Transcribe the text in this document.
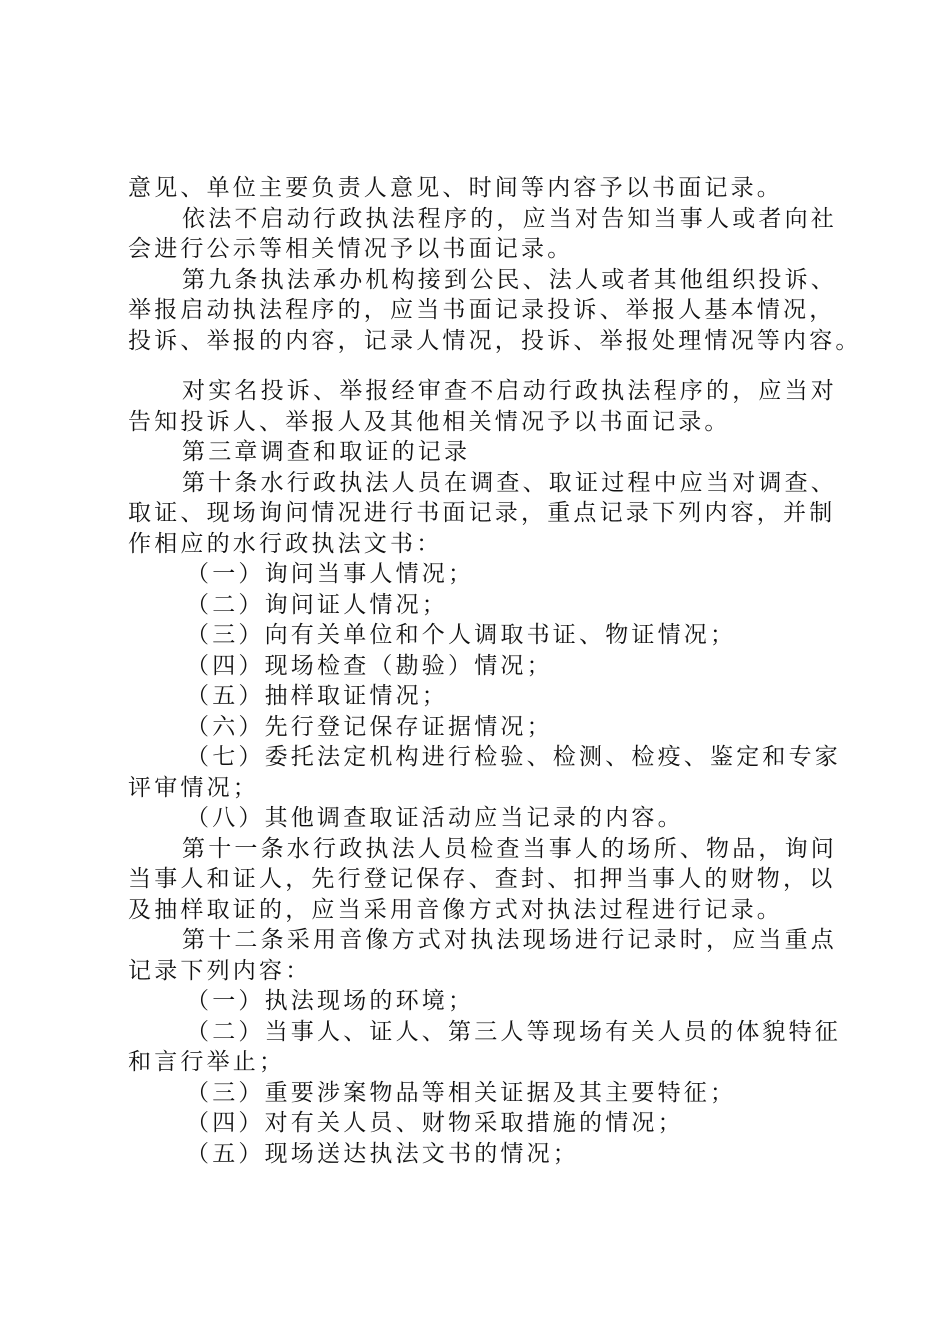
意见、单位主要负责人意见、时间等内容予以书面记录。
依法不启动行政执法程序的，应当对告知当事人或者向社
会进行公示等相关情况予以书面记录。
第九条执法承办机构接到公民、法人或者其他组织投诉、
举报启动执法程序的，应当书面记录投诉、举报人基本情况，
投诉、举报的内容，记录人情况，投诉、举报处理情况等内容。
对实名投诉、举报经审查不启动行政执法程序的，应当对
告知投诉人、举报人及其他相关情况予以书面记录。
第三章调查和取证的记录
第十条水行政执法人员在调查、取证过程中应当对调查、
取证、现场询问情况进行书面记录，重点记录下列内容，并制
作相应的水行政执法文书：
（一）询问当事人情况；
（二）询问证人情况；
（三）向有关单位和个人调取书证、物证情况；
（四）现场检查（勘验）情况；
（五）抽样取证情况；
（六）先行登记保存证据情况；
（七）委托法定机构进行检验、检测、检疫、鉴定和专家
评审情况；
（八）其他调查取证活动应当记录的内容。
第十一条水行政执法人员检查当事人的场所、物品，询问
当事人和证人，先行登记保存、查封、扣押当事人的财物，以
及抽样取证的，应当采用音像方式对执法过程进行记录。
第十二条采用音像方式对执法现场进行记录时，应当重点
记录下列内容：
（一）执法现场的环境；
（二）当事人、证人、第三人等现场有关人员的体貌特征
和言行举止；
（三）重要涉案物品等相关证据及其主要特征；
（四）对有关人员、财物采取措施的情况；
（五）现场送达执法文书的情况；
